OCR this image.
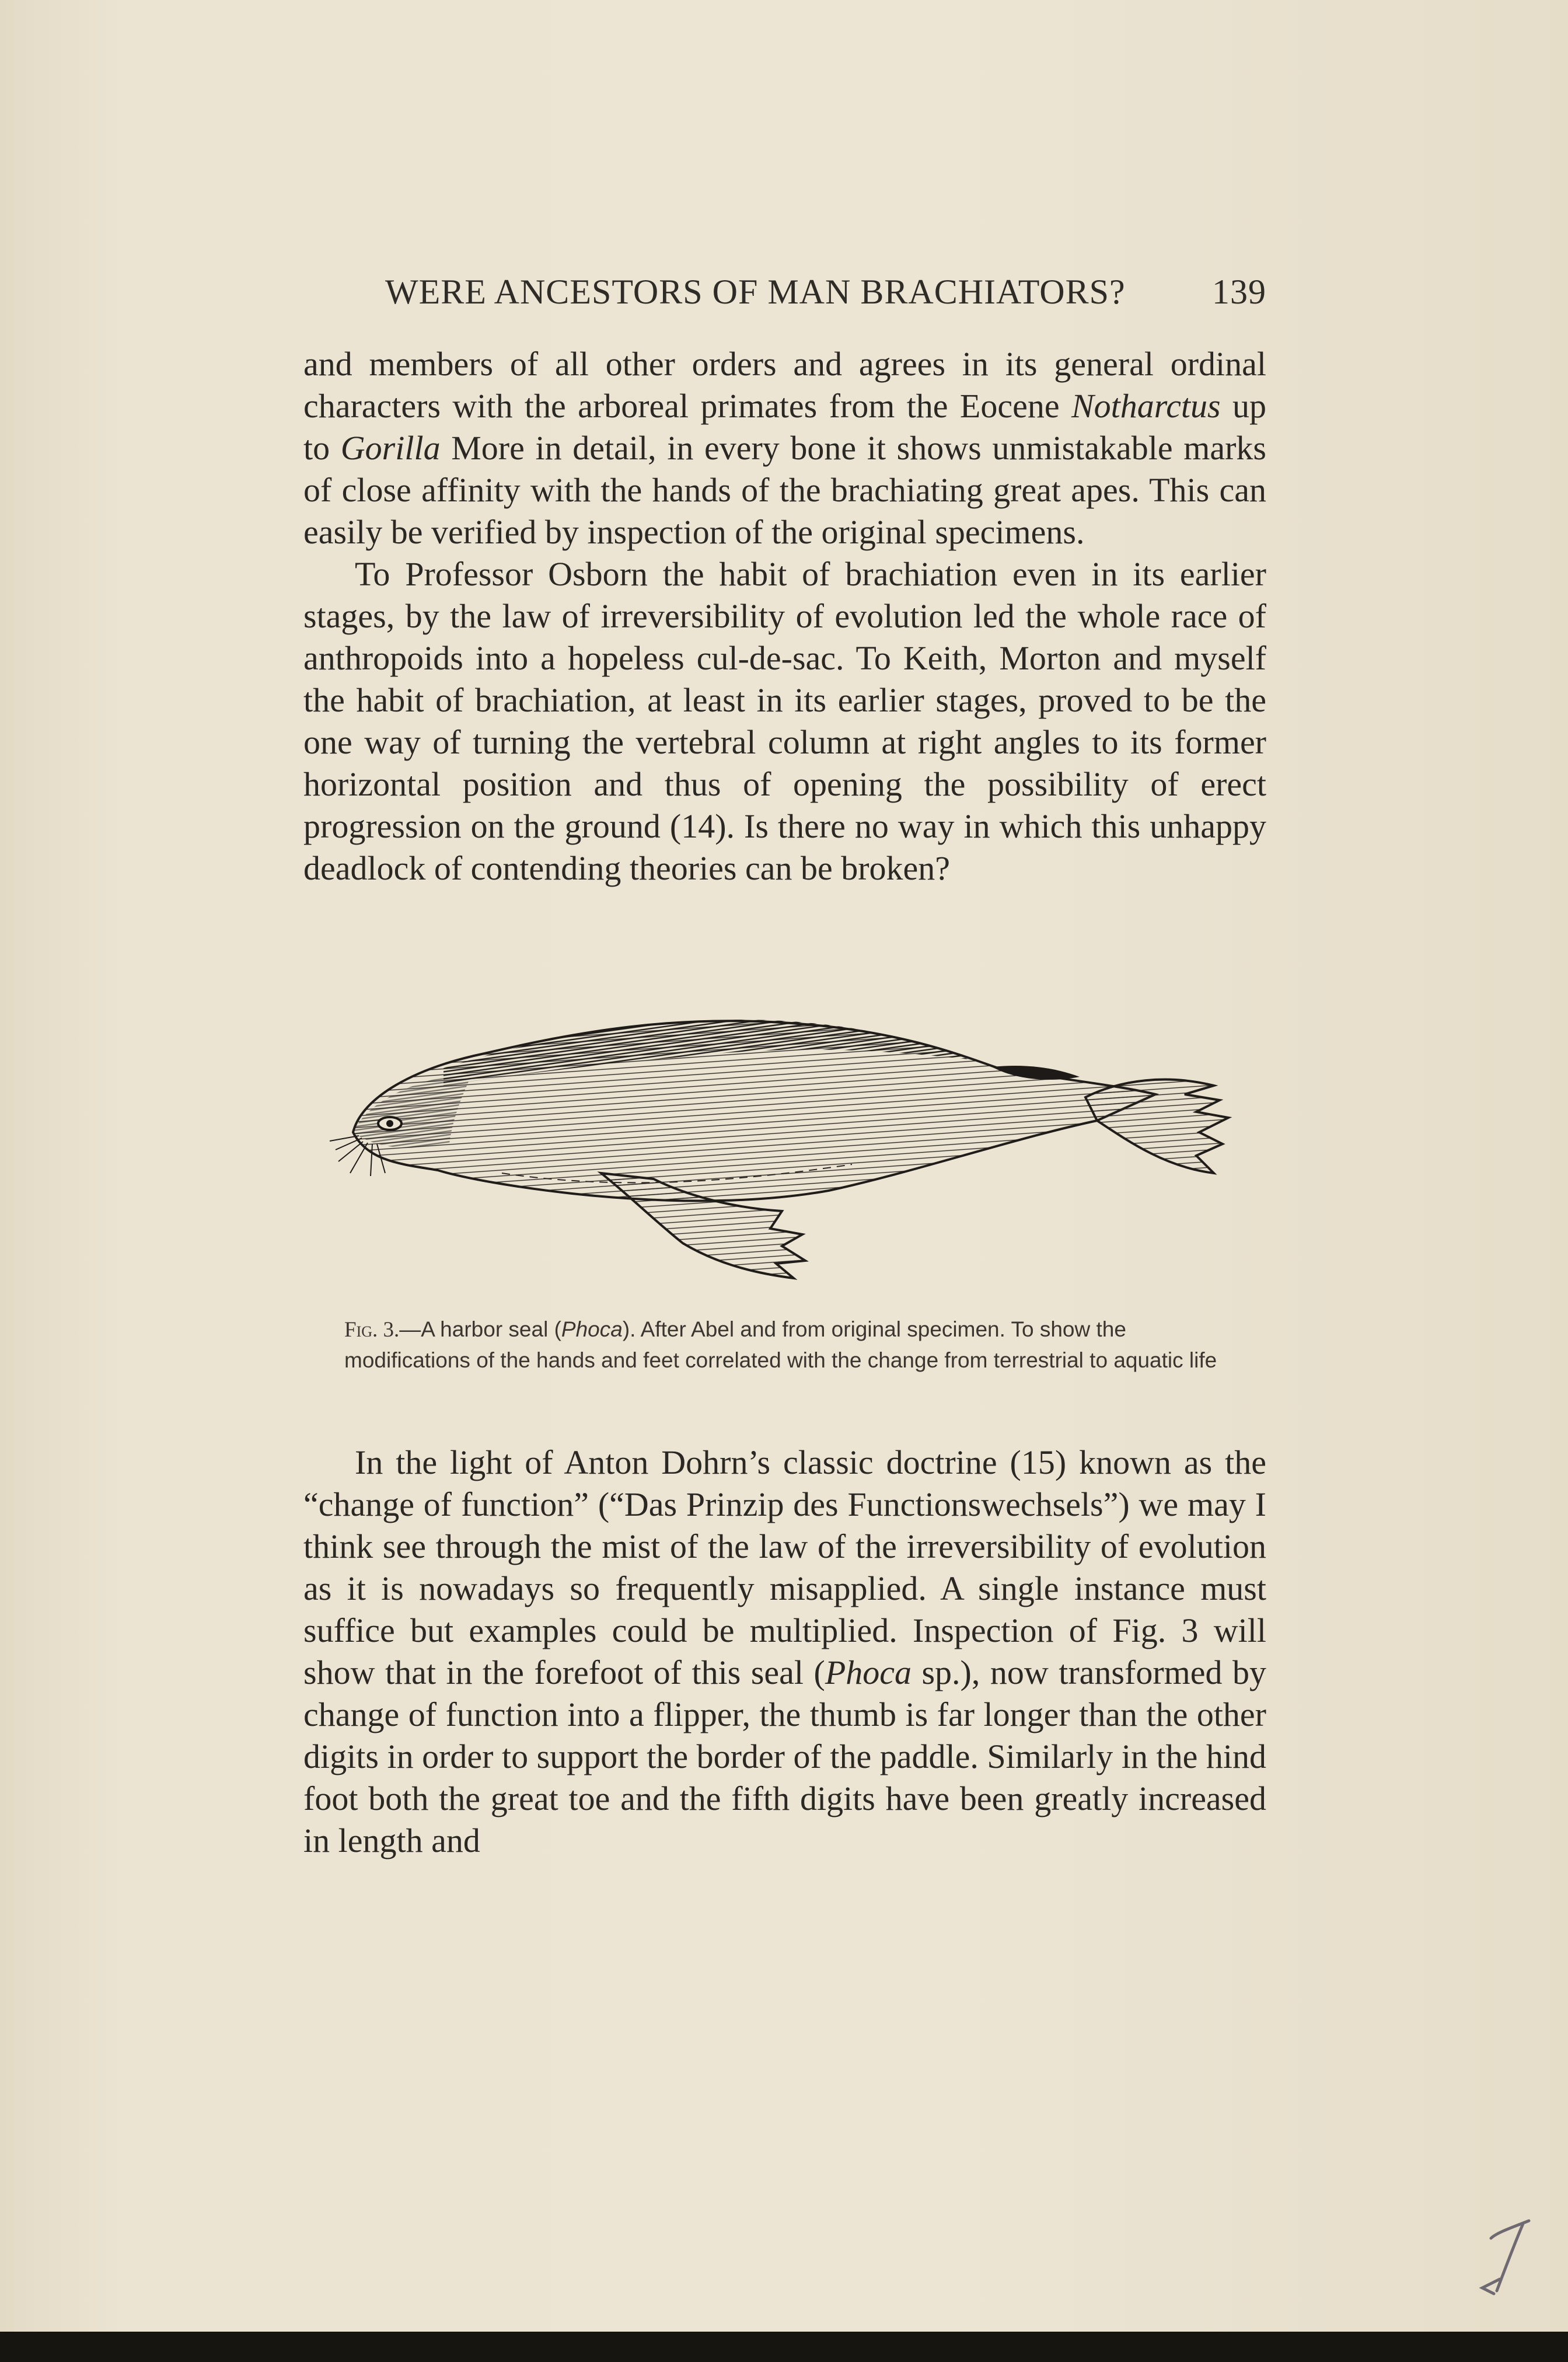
WERE ANCESTORS OF MAN BRACHIATORS? 139

and members of all other orders and agrees in its general ordinal characters with the arboreal primates from the Eocene Notharctus up to Gorilla More in detail, in every bone it shows unmistakable marks of close affinity with the hands of the brachiating great apes. This can easily be verified by inspection of the original specimens.

To Professor Osborn the habit of brachiation even in its earlier stages, by the law of irreversibility of evolution led the whole race of anthropoids into a hopeless cul-de-sac. To Keith, Morton and myself the habit of brachiation, at least in its earlier stages, proved to be the one way of turning the vertebral column at right angles to its former horizontal position and thus of opening the possibility of erect progression on the ground (14). Is there no way in which this unhappy deadlock of contending theories can be broken?

Fig. 3.—A harbor seal (Phoca). After Abel and from original specimen. To show the modifications of the hands and feet correlated with the change from terrestrial to aquatic life

In the light of Anton Dohrn’s classic doctrine (15) known as the “change of function” (“Das Prinzip des Functionswechsels”) we may I think see through the mist of the law of the irreversibility of evolution as it is nowadays so frequently misapplied. A single instance must suffice but examples could be multiplied. Inspection of Fig. 3 will show that in the forefoot of this seal (Phoca sp.), now transformed by change of function into a flipper, the thumb is far longer than the other digits in order to support the border of the paddle. Similarly in the hind foot both the great toe and the fifth digits have been greatly increased in length and
